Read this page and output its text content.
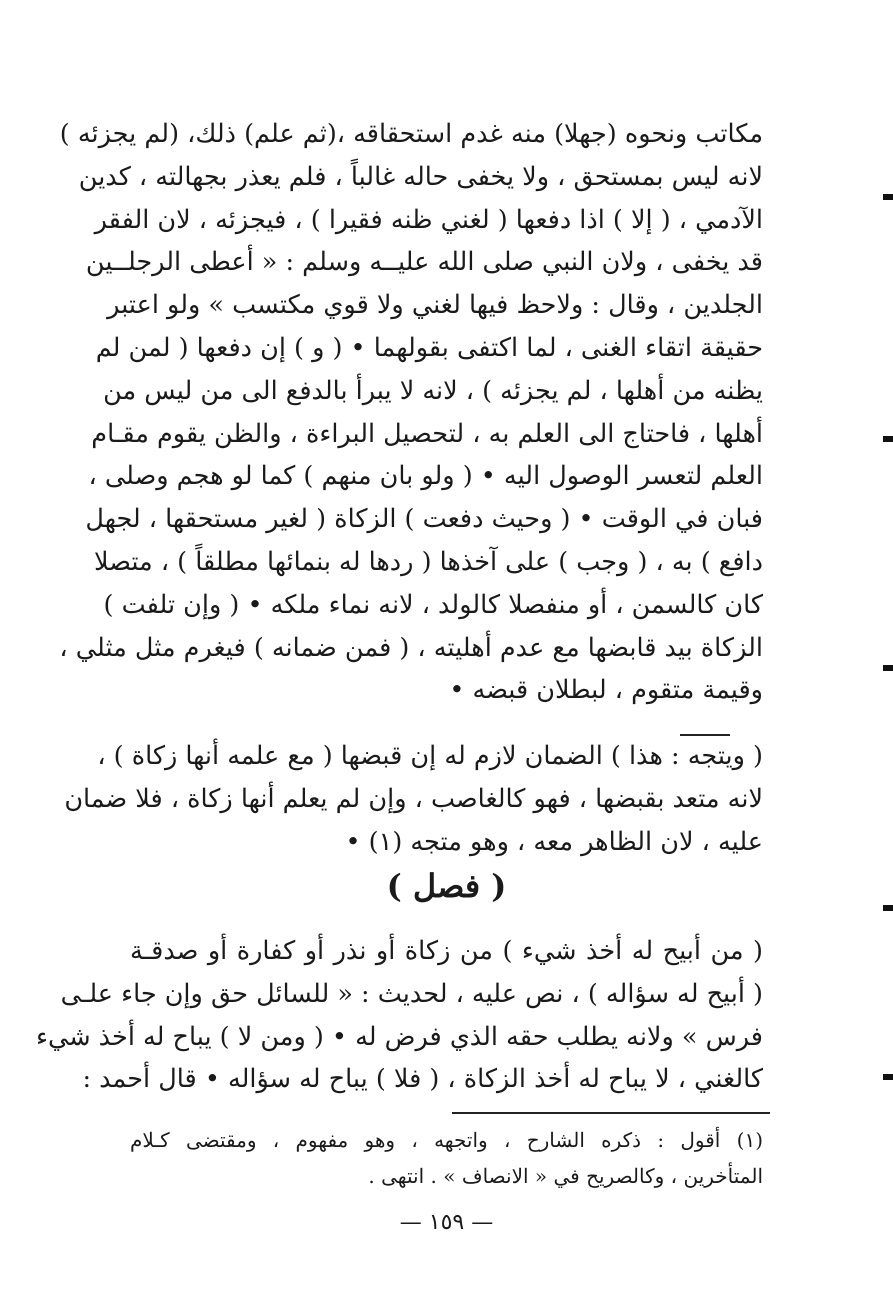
مكاتب ونحوه (جهلا) منه غدم استحقاقه ،(ثم علم) ذلك، (لم يجزئه )
لانه ليس بمستحق ، ولا يخفى حاله غالباً ، فلم يعذر بجهالته ، كدين
الآدمي ، ( إلا ) اذا دفعها ( لغني ظنه فقيرا ) ، فيجزئه ، لان الفقر
قد يخفى ، ولان النبي صلى الله عليــه وسلم : « أعطى الرجلــين
الجلدين ، وقال : ولاحظ فيها لغني ولا قوي مكتسب » ولو اعتبر
حقيقة اتقاء الغنى ، لما اكتفى بقولهما • ( و ) إن دفعها ( لمن لم
يظنه من أهلها ، لم يجزئه ) ، لانه لا يبرأ بالدفع الى من ليس من
أهلها ، فاحتاج الى العلم به ، لتحصيل البراءة ، والظن يقوم مقـام
العلم لتعسر الوصول اليه • ( ولو بان منهم ) كما لو هجم وصلى ،
فبان في الوقت • ( وحيث دفعت ) الزكاة ( لغير مستحقها ، لجهل
دافع ) به ، ( وجب ) على آخذها ( ردها له بنمائها مطلقاً ) ، متصلا
كان كالسمن ، أو منفصلا كالولد ، لانه نماء ملكه • ( وإن تلفت )
الزكاة بيد قابضها مع عدم أهليته ، ( فمن ضمانه ) فيغرم مثل مثلي ،
وقيمة متقوم ، لبطلان قبضه •
( ويتجه : هذا ) الضمان لازم له إن قبضها ( مع علمه أنها زكاة ) ،
لانه متعد بقبضها ، فهو كالغاصب ، وإن لم يعلم أنها زكاة ، فلا ضمان
عليه ، لان الظاهر معه ، وهو متجه (١) •
( فصل )
( من أبيح له أخذ شيء ) من زكاة أو نذر أو كفارة أو صدقـة
( أبيح له سؤاله ) ، نص عليه ، لحديث : « للسائل حق وإن جاء علـى
فرس » ولانه يطلب حقه الذي فرض له • ( ومن لا ) يباح له أخذ شيء
كالغني ، لا يباح له أخذ الزكاة ، ( فلا ) يباح له سؤاله • قال أحمد :
(١) أقول : ذكره الشارح ، واتجهه ، وهو مفهوم ، ومقتضى كـلام
المتأخرين ، وكالصريح في « الانصاف » . انتهى .
— ١٥٩ —
